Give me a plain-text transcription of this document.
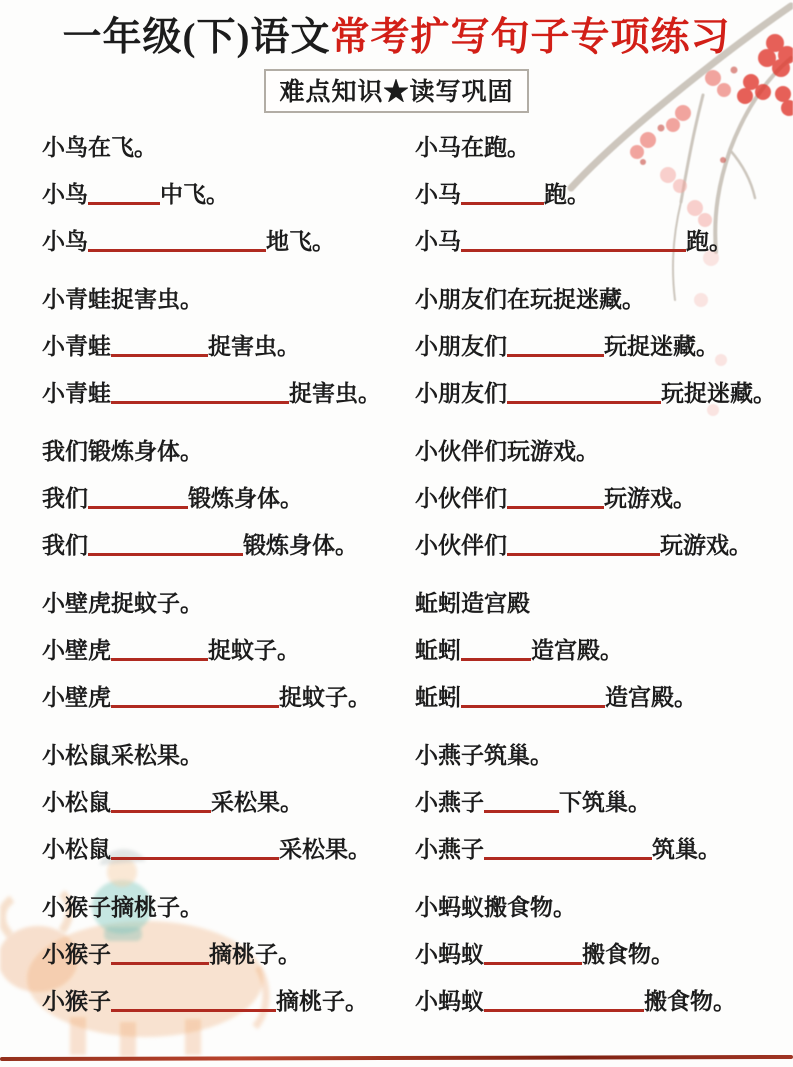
一年级(下)语文常考扩写句子专项练习
难点知识★读写巩固
小鸟在飞。
小鸟	中飞。
小鸟	地飞。
小青蛙捉害虫。
小青蛙	捉害虫。
小青蛙	捉害虫。
我们锻炼身体。
我们	锻炼身体。
我们	锻炼身体。
小壁虎捉蚊子。
小壁虎	捉蚊子。
小壁虎	捉蚊子。
小松鼠采松果。
小松鼠	采松果。
小松鼠	采松果。
小猴子摘桃子。
小猴子	摘桃子。
小猴子	摘桃子。
小马在跑。
小马	跑。
小马	跑。
小朋友们在玩捉迷藏。
小朋友们	玩捉迷藏。
小朋友们	玩捉迷藏。
小伙伴们玩游戏。
小伙伴们	玩游戏。
小伙伴们	玩游戏。
蚯蚓造宫殿
蚯蚓	造宫殿。
蚯蚓	造宫殿。
小燕子筑巢。
小燕子	下筑巢。
小燕子	筑巢。
小蚂蚁搬食物。
小蚂蚁	搬食物。
小蚂蚁	搬食物。
